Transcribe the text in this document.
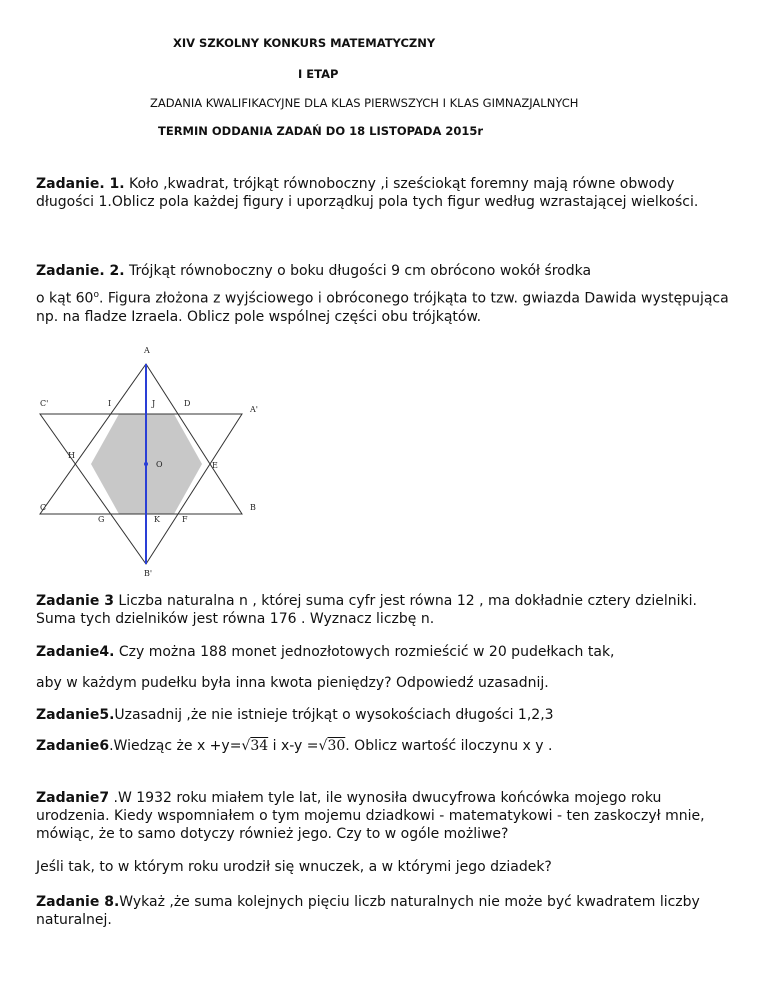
XIV SZKOLNY KONKURS MATEMATYCZNY
I ETAP
ZADANIA KWALIFIKACYJNE DLA KLAS PIERWSZYCH I KLAS GIMNAZJALNYCH
TERMIN ODDANIA ZADAŃ DO 18 LISTOPADA 2015r
Zadanie. 1. Koło ,kwadrat, trójkąt równoboczny ,i sześciokąt foremny mają równe obwody długości 1.Oblicz pola każdej figury i uporządkuj pola tych figur według wzrastającej wielkości.
Zadanie. 2. Trójkąt równoboczny o boku długości 9 cm obrócono wokół środka
o kąt 60$^o$. Figura złożona z wyjściowego i obróconego trójkąta to tzw. gwiazda Dawida występująca np. na fladze Izraela. Oblicz pole wspólnej części obu trójkątów.
A
A'
B
B'
C
C'	D
E
F
G
H
I	J
K
O
Zadanie 3 Liczba naturalna n , której suma cyfr jest równa 12 , ma dokładnie cztery dzielniki. Suma tych dzielników jest równa 176 . Wyznacz liczbę n.
Zadanie4. Czy można 188 monet jednozłotowych rozmieścić w 20 pudełkach tak,
aby w każdym pudełku była inna kwota pieniędzy? Odpowiedź uzasadnij.
Zadanie5.Uzasadnij ,że nie istnieje trójkąt o wysokościach długości 1,2,3
Zadanie6.Wiedząc że x +y=√34 i x-y =√30. Oblicz wartość iloczynu x y .
Zadanie7 .W 1932 roku miałem tyle lat, ile wynosiła dwucyfrowa końcówka mojego roku urodzenia. Kiedy wspomniałem o tym mojemu dziadkowi - matematykowi - ten zaskoczył mnie, mówiąc, że to samo dotyczy również jego. Czy to w ogóle możliwe?
Jeśli tak, to w którym roku urodził się wnuczek, a w którymi jego dziadek?
Zadanie 8.Wykaż ,że suma kolejnych pięciu liczb naturalnych nie może być kwadratem liczby naturalnej.
